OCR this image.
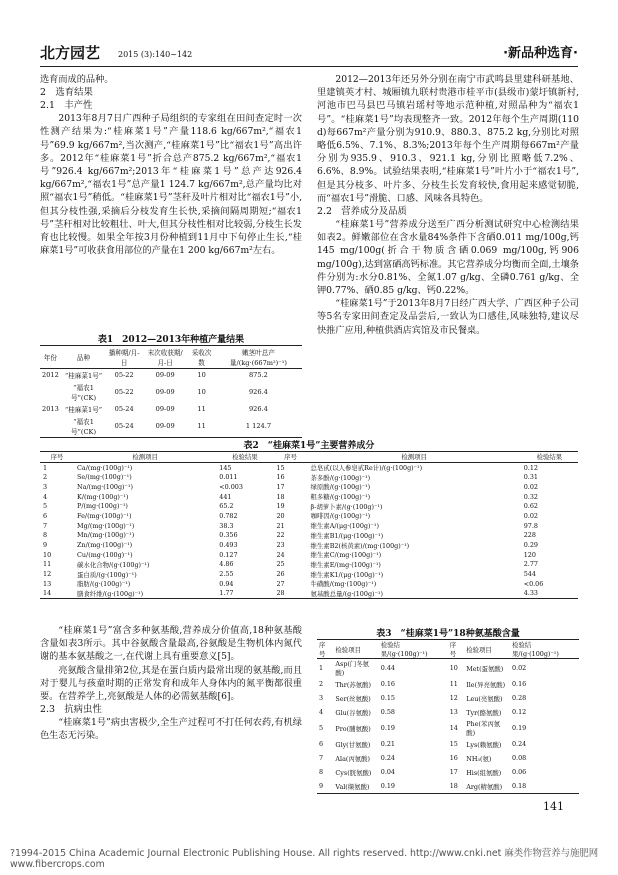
北方园艺 2015 (3):140~142	·新品种选育·

选育而成的品种。

2　选育结果

2.1　丰产性

2013年8月7日广西种子局组织的专家组在田间查定时一次性测产结果为:“桂麻菜1号”产量118.6 kg/667m²,“福农1号”69.9 kg/667m²,当次测产,“桂麻菜1号”比“福农1号”高出许多。2012年“桂麻菜1号”折合总产875.2 kg/667m²,“福农1号”926.4 kg/667m²;2013年“桂麻菜1号”总产达926.4 kg/667m²,“福农1号”总产量1 124.7 kg/667m²,总产量均比对照“福农1号”稍低。“桂麻菜1号”茎秆及叶片相对比“福农1号”小,但其分枝性强,采摘后分枝发育生长快,采摘间隔周期短;“福农1号”茎秆相对比较粗壮、叶大,但其分枝性相对比较弱,分枝生长发育也比较慢。如果全年按3月份种植到11月中下旬停止生长,“桂麻菜1号”可收获食用部位的产量在1 200 kg/667m²左右。

表1　2012—2013年种植产量结果
年份	品种	播种期/月-日	末次收获期/月-日	采收次数	嫩茎叶总产量/(kg·(667m²)⁻¹)
2012	“桂麻菜1号”	05-22	09-09	10	875.2
	“福农1号”(CK)	05-22	09-09	10	926.4
2013	“桂麻菜1号”	05-24	09-09	11	926.4
	“福农1号”(CK)	05-24	09-09	11	1 124.7

2012—2013年还另外分别在南宁市武鸣县里建科研基地、里建镇英才村、城厢镇九联村贵港市桂平市(县级市)蒙圩镇新村,河池市巴马县巴马镇岩瑶村等地示范种植,对照品种为“福农1号”。“桂麻菜1号”均表现整齐一致。2012年每个生产周期(110 d)每667m²产量分别为910.9、880.3、875.2 kg,分别比对照略低6.5%、7.1%、8.3%;2013年每个生产周期每667m²产量分别为935.9、910.3、921.1 kg,分别比照略低7.2%、6.6%、8.9%。试验结果表明,“桂麻菜1号”叶片小于“福农1号”,但是其分枝多、叶片多、分枝生长发育较快,食用起来感觉韧脆,而“福农1号”滑脆、口感、风味各具特色。

2.2　营养成分及品质

“桂麻菜1号”营养成分送至广西分析测试研究中心检测结果如表2。鲜嫩部位在含水量84%条件下含硒0.011 mg/100g,钙145 mg/100g(折合干物质含硒0.069 mg/100g,钙906 mg/100g),达到富硒高钙标准。其它营养成分均衡而全面,土壤条件分别为:水分0.81%、全氮1.07 g/kg、全磷0.761 g/kg、全钾0.77%、硒0.85 g/kg、钙0.22%。

“桂麻菜1号”于2013年8月7日经广西大学、广西区种子公司等5名专家田间查定及品尝后,一致认为口感佳,风味独特,建议尽快推广应用,种植供酒店宾馆及市民餐桌。

表2　“桂麻菜1号”主要营养成分
序号	检测项目	检验结果	序号	检测项目	检验结果
1	Ca/(mg·(100g)⁻¹)	145	15	总皂甙(以人参皂甙Re计)/(g·(100g)⁻¹)	0.12
2	Se/(mg·(100g)⁻¹)	0.011	16	茶多酚/(g·(100g)⁻¹)	0.31
3	Na/(mg·(100g)⁻¹)	<0.003	17	绿原酸/(g·(100g)⁻¹)	0.02
4	K/(mg·(100g)⁻¹)	441	18	粗多糖/(g·(100g)⁻¹)	0.32
5	P/(mg·(100g)⁻¹)	65.2	19	β-胡萝卜素/(g·(100g)⁻¹)	0.62
6	Fe/(mg·(100g)⁻¹)	0.782	20	咖啡因/(g·(100g)⁻¹)	0.02
7	Mg/(mg·(100g)⁻¹)	38.3	21	维生素A/(μg·(100g)⁻¹)	97.8
8	Mn/(mg·(100g)⁻¹)	0.356	22	维生素B1/(μg·(100g)⁻¹)	228
9	Zn/(mg·(100g)⁻¹)	0.493	23	维生素B2(核黄素)/(mg·(100g)⁻¹)	0.29
10	Cu/(mg·(100g)⁻¹)	0.127	24	维生素C/(mg·(100g)⁻¹)	120
11	碳水化合物/(g·(100g)⁻¹)	4.86	25	维生素E/(mg·(100g)⁻¹)	2.77
12	蛋白质/(g·(100g)⁻¹)	2.55	26	维生素K1/(μg·(100g)⁻¹)	544
13	脂肪/(g·(100g)⁻¹)	0.94	27	牛磺酸/(mg·(100g)⁻¹)	<0.06
14	膳食纤维/(g·(100g)⁻¹)	1.77	28	氨基酸总量/(g·(100g)⁻¹)	4.33

“桂麻菜1号”富含多种氨基酸,营养成分价值高,18种氨基酸含量如表3所示。其中谷氨酸含量最高,谷氨酸是生物机体内氮代谢的基本氨基酸之一,在代谢上具有重要意义[5]。

亮氨酸含量排第2位,其是在蛋白质内最常出现的氨基酸,而且对于婴儿与孩童时期的正常发育和成年人身体内的氮平衡都很重要。在营养学上,亮氨酸是人体的必需氨基酸[6]。

2.3　抗病虫性

“桂麻菜1号”病虫害极少,全生产过程可不打任何农药,有机绿色生态无污染。

表3　“桂麻菜1号”18种氨基酸含量
序号	检验项目	检验结果/(g·(100g)⁻¹)	序号	检验项目	检验结果/(g·(100g)⁻¹)
1	Asp(门冬氨酸)	0.44	10	Met(蛋氨酸)	0.02
2	Thr(苏氨酸)	0.16	11	Ile(异亮氨酸)	0.16
3	Ser(丝氨酸)	0.15	12	Leu(亮氨酸)	0.28
4	Glu(谷氨酸)	0.58	13	Tyr(酪氨酸)	0.12
5	Pro(脯氨酸)	0.19	14	Phe(苯丙氨酸)	0.19
6	Gly(甘氨酸)	0.21	15	Lys(赖氨酸)	0.24
7	Ala(丙氨酸)	0.24	16	NH₃(氨)	0.08
8	Cys(胱氨酸)	0.04	17	His(组氨酸)	0.06
9	Val(缬氨酸)	0.19	18	Arg(精氨酸)	0.18
141
?1994-2015 China Academic Journal Electronic Publishing House. All rights reserved. http://www.cnki.net 麻类作物营养与施肥网 www.fibercrops.com
